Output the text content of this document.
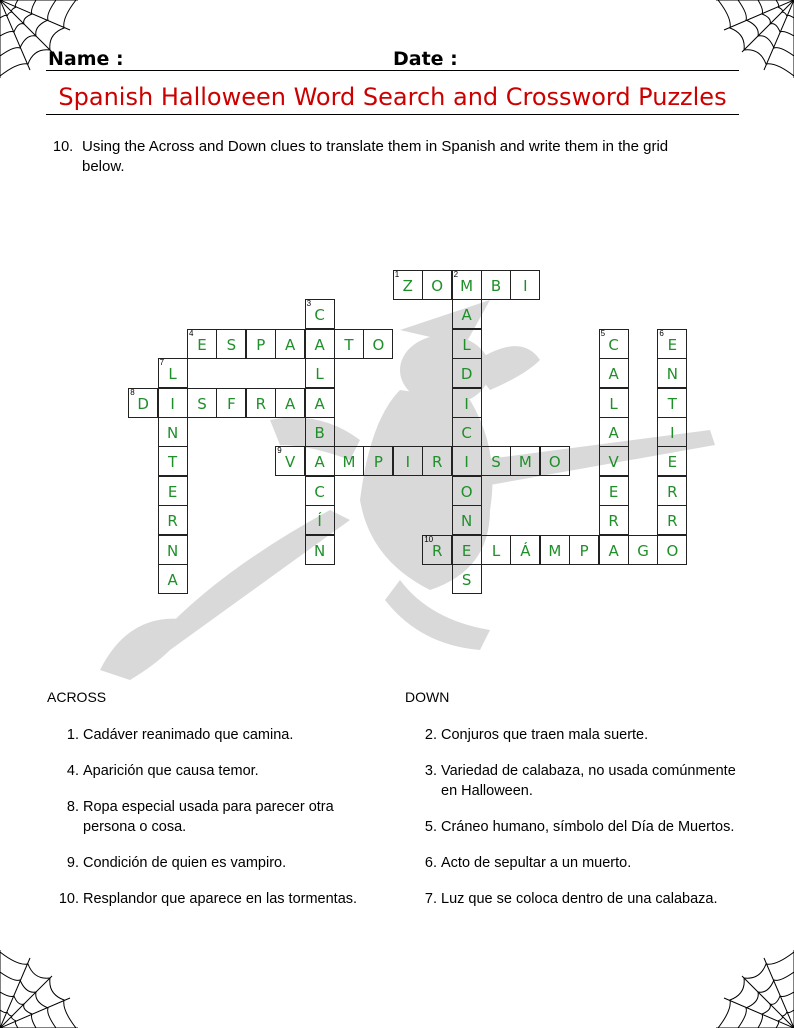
Name :	Date :
Spanish Halloween Word Search and Crossword Puzzles
10. Using the Across and Down clues to translate them in Spanish and write them in the grid below.
Z
1
O	M
2
B	I
A
L
D
I
C
I
O
N
E
S
C
3
A
L
A
B
A
C
Í
N
E
4
S	P	A	T	O	C
5
A
L
A
V
E
R
A
E
6
N
T
I
E
R
R
O
L
7
I
N
T
E
R
N
A
D
8
S	F	R	A
V
9
M	P	I	R	S	M	O
R
10
L	Á	M	P	G
ACROSS	DOWN
1. Cadáver reanimado que camina.
4. Aparición que causa temor.
8. Ropa especial usada para parecer otra persona o cosa.
9. Condición de quien es vampiro.
10. Resplandor que aparece en las tormentas.
2. Conjuros que traen mala suerte.
3. Variedad de calabaza, no usada comúnmente en Halloween.
5. Cráneo humano, símbolo del Día de Muertos.
6. Acto de sepultar a un muerto.
7. Luz que se coloca dentro de una calabaza.
